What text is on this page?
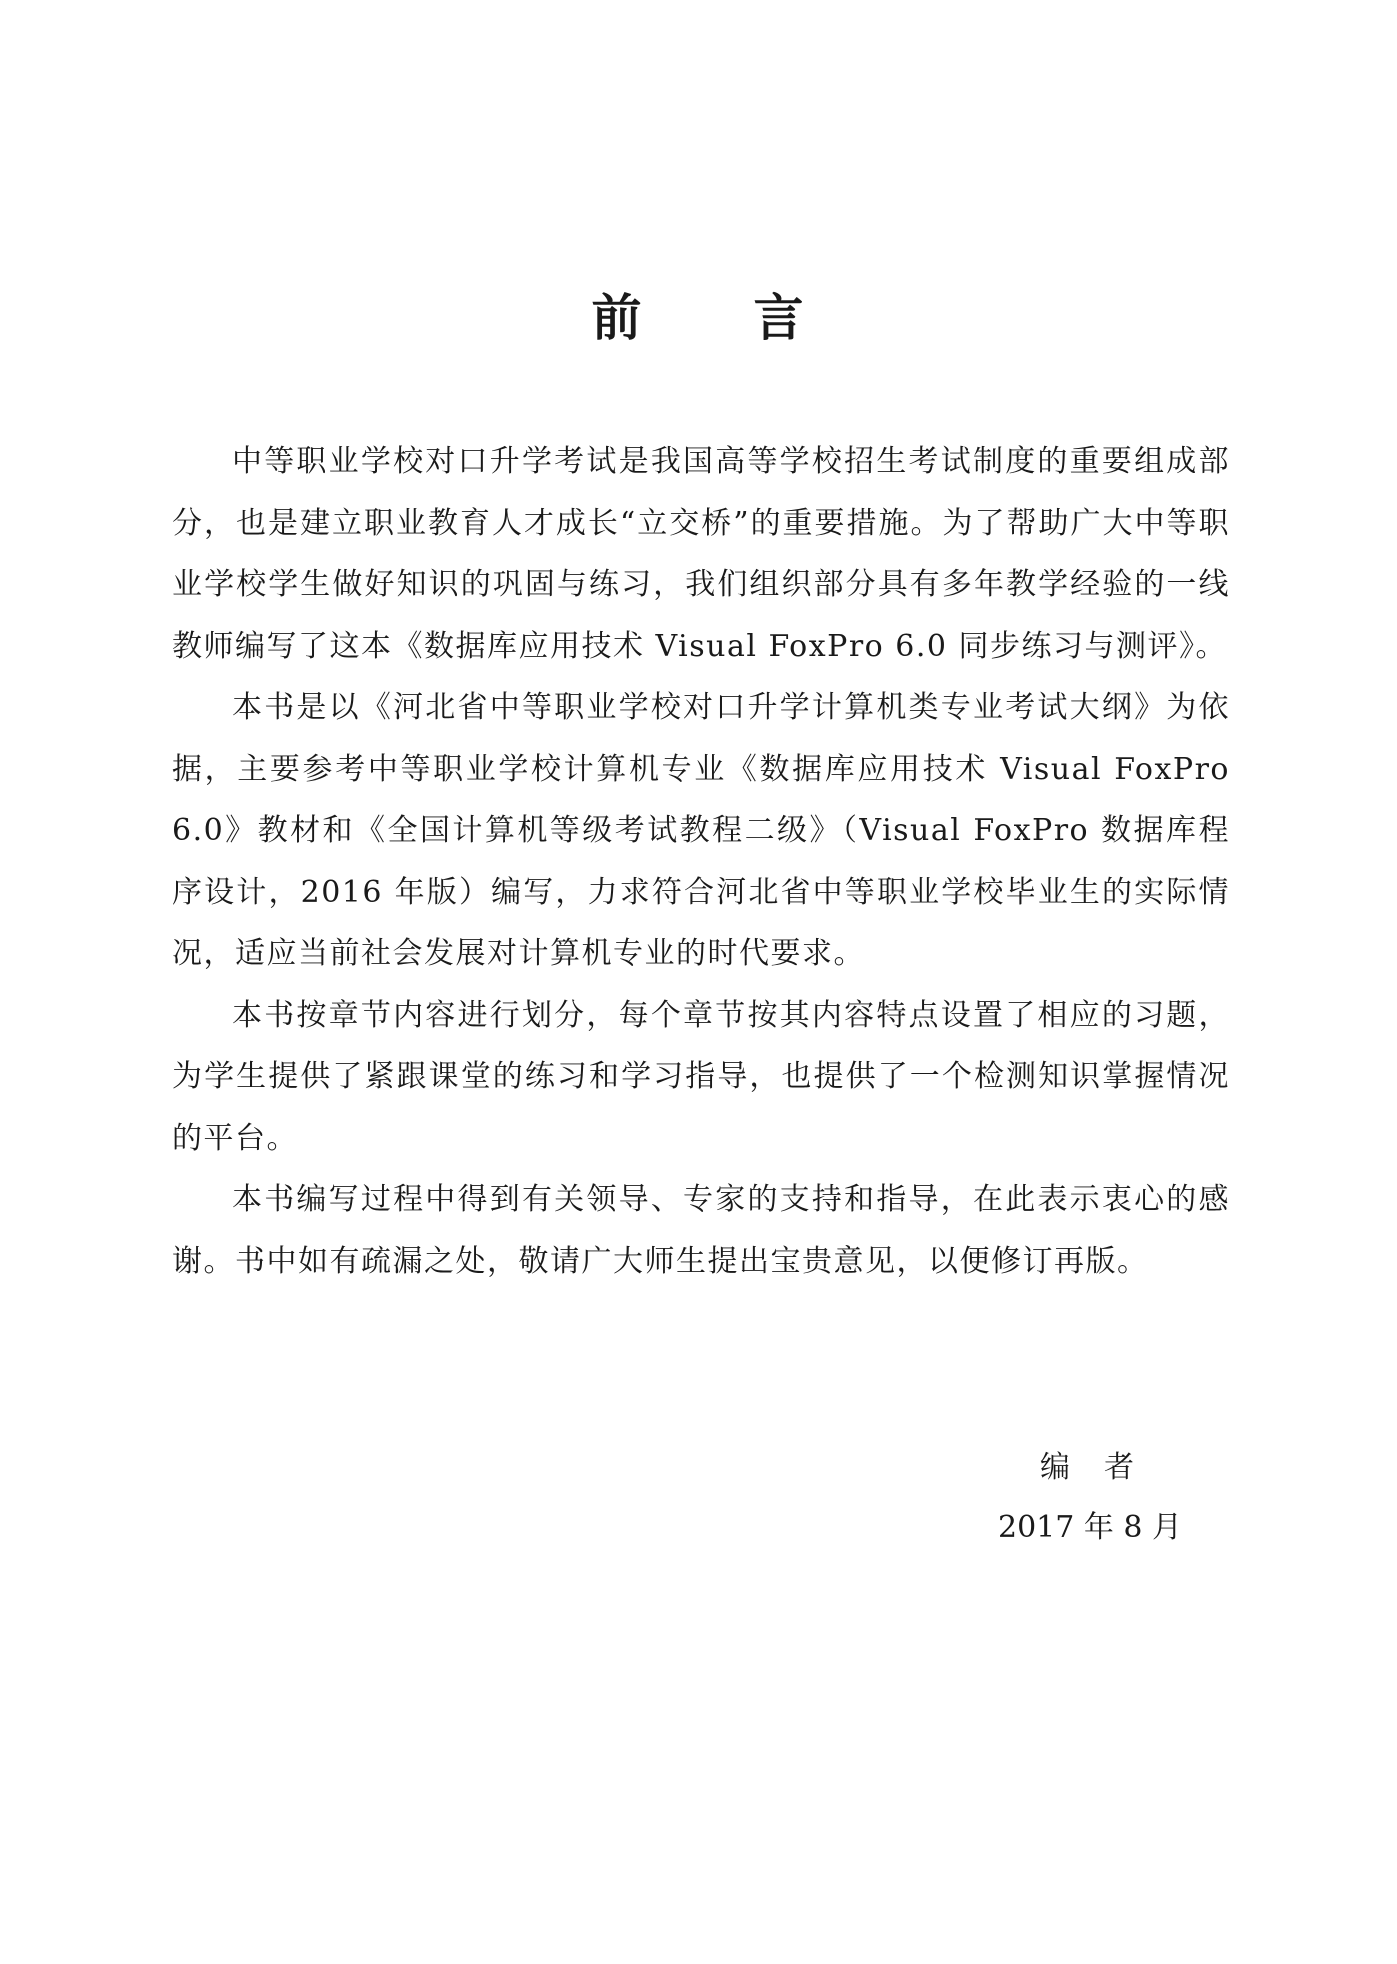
前 言

中等职业学校对口升学考试是我国高等学校招生考试制度的重要组成部分，也是建立职业教育人才成长“立交桥”的重要措施。为了帮助广大中等职业学校学生做好知识的巩固与练习，我们组织部分具有多年教学经验的一线教师编写了这本《数据库应用技术 Visual FoxPro 6.0 同步练习与测评》。

本书是以《河北省中等职业学校对口升学计算机类专业考试大纲》为依据，主要参考中等职业学校计算机专业《数据库应用技术 Visual FoxPro 6.0》教材和《全国计算机等级考试教程二级》（Visual FoxPro 数据库程序设计，2016 年版）编写，力求符合河北省中等职业学校毕业生的实际情况，适应当前社会发展对计算机专业的时代要求。

本书按章节内容进行划分，每个章节按其内容特点设置了相应的习题，为学生提供了紧跟课堂的练习和学习指导，也提供了一个检测知识掌握情况的平台。

本书编写过程中得到有关领导、专家的支持和指导，在此表示衷心的感谢。书中如有疏漏之处，敬请广大师生提出宝贵意见，以便修订再版。

编 者
2017 年 8 月
